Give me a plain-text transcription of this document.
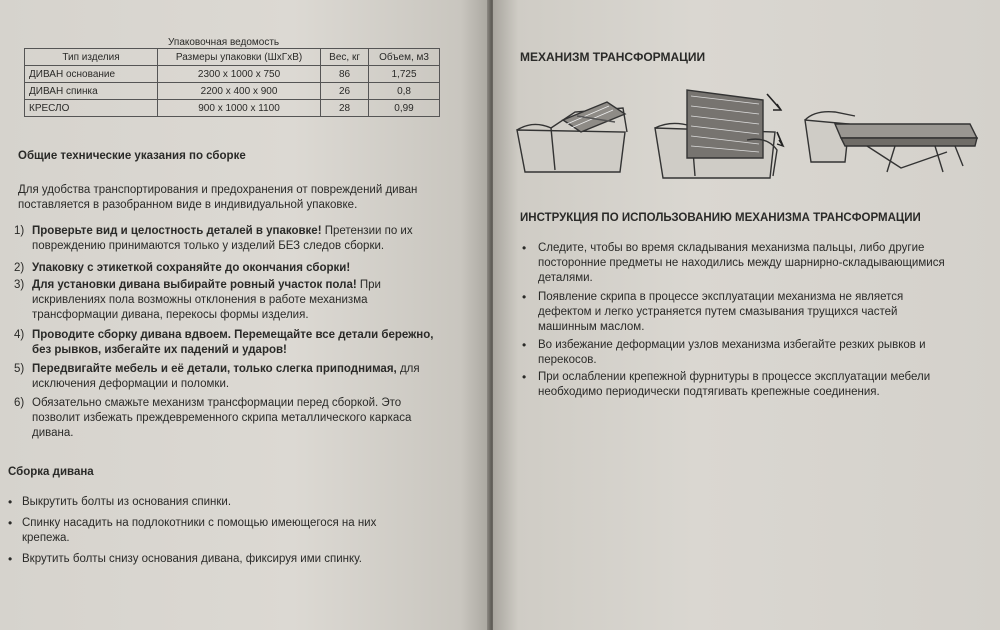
Упаковочная ведомость
Тип изделия	Размеры упаковки (ШхГхВ)	Вес, кг	Объем, м3
ДИВАН основание	2300 x 1000 x 750	86	1,725
ДИВАН спинка	2200 x 400 x 900	26	0,8
КРЕСЛО	900 x 1000 x 1100	28	0,99
Общие технические указания по сборке
Для удобства транспортирования и предохранения от повреждений диван
поставляется в разобранном виде в индивидуальной упаковке.
1) Проверьте вид и целостность деталей в упаковке! Претензии по их повреждению принимаются только у изделий БЕЗ следов сборки.
2) Упаковку с этикеткой сохраняйте до окончания сборки!
3) Для установки дивана выбирайте ровный участок пола! При искривлениях пола возможны отклонения в работе механизма трансформации дивана, перекосы формы изделия.
4) Проводите сборку дивана вдвоем. Перемещайте все детали бережно, без рывков, избегайте их падений и ударов!
5) Передвигайте мебель и её детали, только слегка приподнимая, для исключения деформации и поломки.
6) Обязательно смажьте механизм трансформации перед сборкой. Это позволит избежать преждевременного скрипа металлического каркаса дивана.
Сборка дивана
• Выкрутить болты из основания спинки.
• Спинку насадить на подлокотники с помощью имеющегося на них крепежа.
• Вкрутить болты снизу основания дивана, фиксируя ими спинку.
МЕХАНИЗМ ТРАНСФОРМАЦИИ
ИНСТРУКЦИЯ ПО ИСПОЛЬЗОВАНИЮ МЕХАНИЗМА ТРАНСФОРМАЦИИ
•	Следите, чтобы во время складывания механизма пальцы, либо другие посторонние предметы не находились между шарнирно-складывающимися деталями.
•	Появление скрипа в процессе эксплуатации механизма не является дефектом и легко устраняется путем смазывания трущихся частей машинным маслом.
•	Во избежание деформации узлов механизма избегайте резких рывков и перекосов.
•	При ослаблении крепежной фурнитуры в процессе эксплуатации мебели необходимо периодически подтягивать крепежные соединения.
